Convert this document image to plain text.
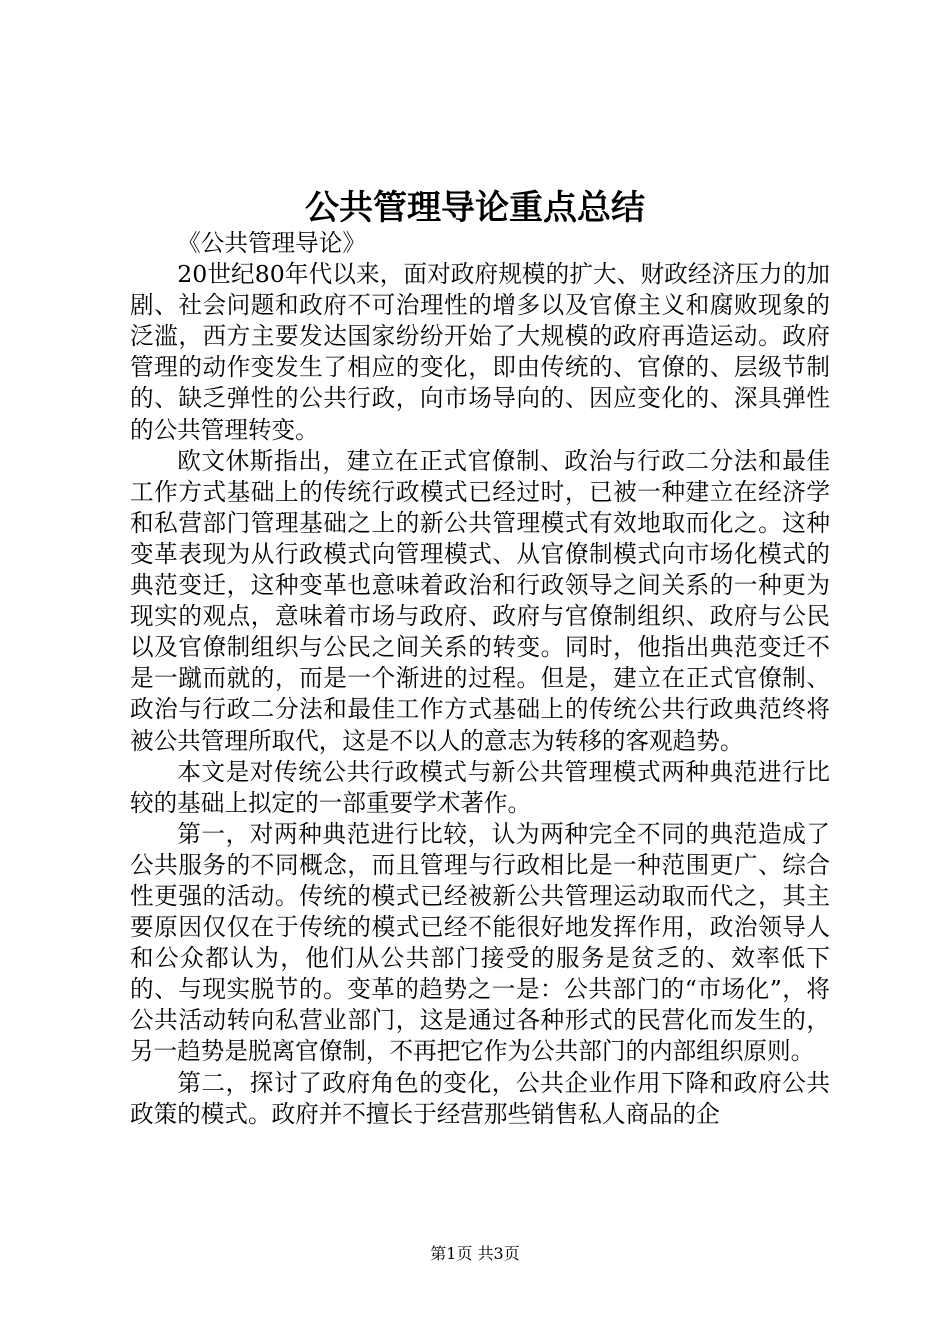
公共管理导论重点总结

《公共管理导论》

20世纪80年代以来，面对政府规模的扩大、财政经济压力的加剧、社会问题和政府不可治理性的增多以及官僚主义和腐败现象的泛滥，西方主要发达国家纷纷开始了大规模的政府再造运动。政府管理的动作变发生了相应的变化，即由传统的、官僚的、层级节制的、缺乏弹性的公共行政，向市场导向的、因应变化的、深具弹性的公共管理转变。

欧文休斯指出，建立在正式官僚制、政治与行政二分法和最佳工作方式基础上的传统行政模式已经过时，已被一种建立在经济学和私营部门管理基础之上的新公共管理模式有效地取而化之。这种变革表现为从行政模式向管理模式、从官僚制模式向市场化模式的典范变迁，这种变革也意味着政治和行政领导之间关系的一种更为现实的观点，意味着市场与政府、政府与官僚制组织、政府与公民以及官僚制组织与公民之间关系的转变。同时，他指出典范变迁不是一蹴而就的，而是一个渐进的过程。但是，建立在正式官僚制、政治与行政二分法和最佳工作方式基础上的传统公共行政典范终将被公共管理所取代，这是不以人的意志为转移的客观趋势。

本文是对传统公共行政模式与新公共管理模式两种典范进行比较的基础上拟定的一部重要学术著作。

第一，对两种典范进行比较，认为两种完全不同的典范造成了公共服务的不同概念，而且管理与行政相比是一种范围更广、综合性更强的活动。传统的模式已经被新公共管理运动取而代之，其主要原因仅仅在于传统的模式已经不能很好地发挥作用，政治领导人和公众都认为，他们从公共部门接受的服务是贫乏的、效率低下的、与现实脱节的。变革的趋势之一是：公共部门的“市场化”，将公共活动转向私营业部门，这是通过各种形式的民营化而发生的，另一趋势是脱离官僚制，不再把它作为公共部门的内部组织原则。

第二，探讨了政府角色的变化，公共企业作用下降和政府公共政策的模式。政府并不擅长于经营那些销售私人商品的企

第1页 共3页
